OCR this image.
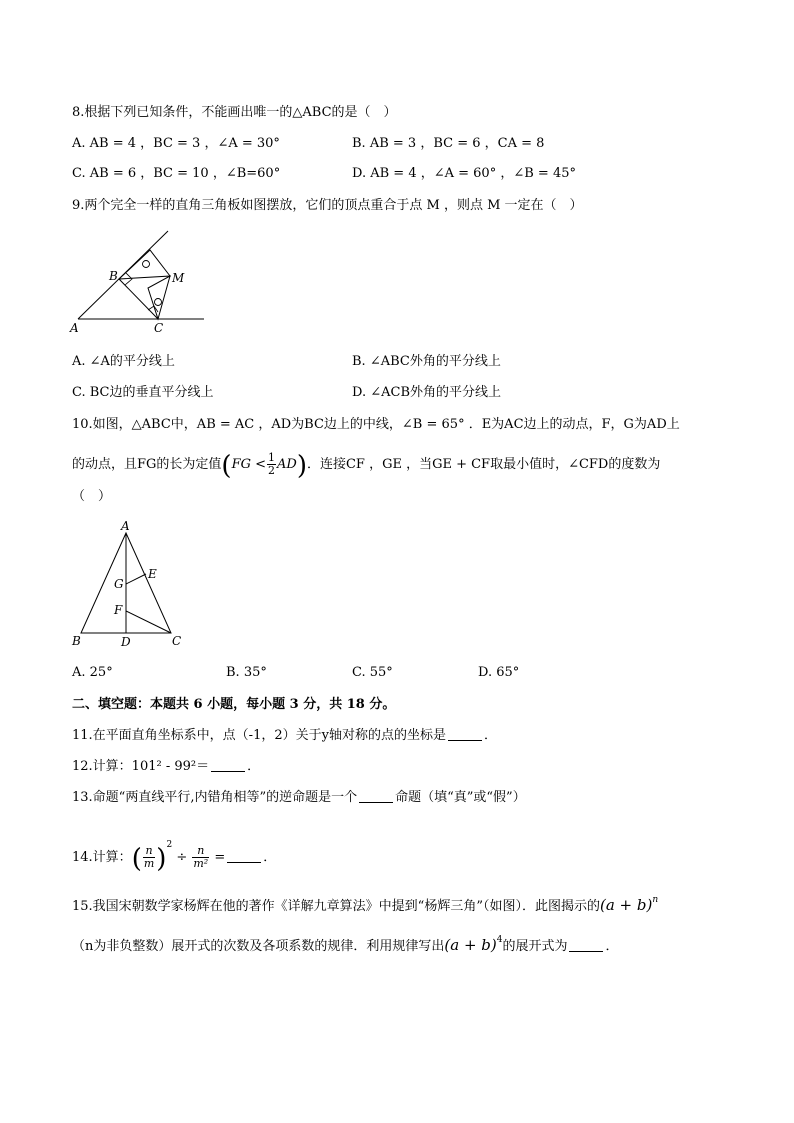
8.根据下列已知条件，不能画出唯一的△ABC的是（　）
A. AB = 4 ，BC = 3 ，∠A = 30°	B. AB = 3 ，BC = 6 ，CA = 8
C. AB = 6 ，BC = 10 ，∠B=60°	D. AB = 4 ，∠A = 60° ，∠B = 45°
9.两个完全一样的直角三角板如图摆放，它们的顶点重合于点 M ，则点 M 一定在（　）
A
B
C
M
A. ∠A的平分线上	B. ∠ABC外角的平分线上
C. BC边的垂直平分线上	D. ∠ACB外角的平分线上
10.如图，△ABC中，AB = AC ，AD为BC边上的中线，∠B = 65° ．E为AC边上的动点，F，G为AD上
的动点，且FG的长为定值$(FG < \frac{1}{2} AD)$．连接CF ，GE ，当GE + CF取最小值时，∠CFD的度数为
（　）
A
B	C
D
E
F
G
A. 25°	B. 35°	C. 55°	D. 65°
二、填空题：本题共 6 小题，每小题 3 分，共 18 分。
11.在平面直角坐标系中，点（-1，2）关于y轴对称的点的坐标是	．
12.计算：101² - 99²＝	．
13.命题“两直线平行,内错角相等”的逆命题是一个	命题（填“真”或“假”）
14.计算：( $\frac{n}{m} )^2 \div \frac{n}{\text{m²}}$ =	．
15.我国宋朝数学家杨辉在他的著作《详解九章算法》中提到“杨辉三角”（如图）．此图揭示的$(a + b)^n$
（n为非负整数）展开式的次数及各项系数的规律．利用规律写出$(a + b)^4$的展开式为	．
